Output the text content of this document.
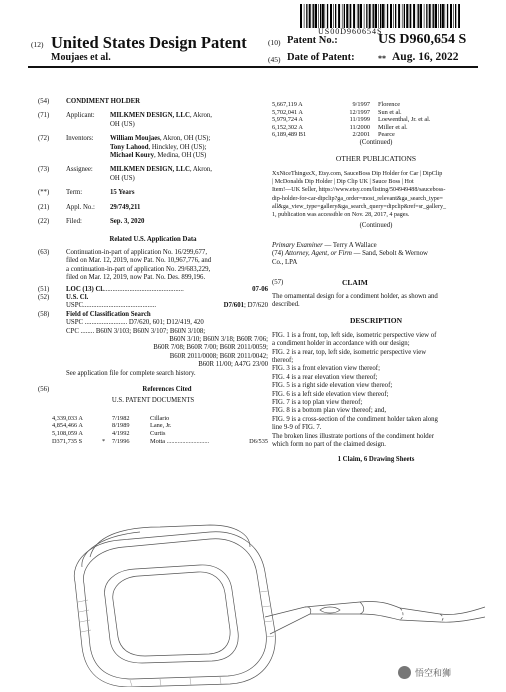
US00D960654S
(12) United States Design Patent
Moujaes et al.
(10) Patent No.:	US D960,654 S
(45) Date of Patent:	** Aug. 16, 2022
(54)	CONDIMENT HOLDER
(71)	Applicant:	MILKMEN DESIGN, LLC, Akron,
OH (US)
(72)	Inventors:	William Moujaes, Akron, OH (US);
Tony Lahood, Hinckley, OH (US);
Michael Koury, Medina, OH (US)
(73)	Assignee:	MILKMEN DESIGN, LLC, Akron,
OH (US)
(**)	Term:	15 Years
(21)	Appl. No.:	29/749,211
(22)	Filed:	Sep. 3, 2020
Related U.S. Application Data
(63)	Continuation-in-part of application No. 16/299,677,
filed on Mar. 12, 2019, now Pat. No. 10,967,776, and
a continuation-in-part of application No. 29/683,229,
filed on Mar. 12, 2019, now Pat. No. Des. 899,196.
(51)	LOC (13) Cl. ...............................................	07-06
(52)	U.S. Cl.
USPC ...........................................	D7/601; D7/620
(58)	Field of Classification Search
USPC ......................... D7/620, 601; D12/419, 420
CPC ........ B60N 3/103; B60N 3/107; B60N 3/108;
B60N 3/10; B60N 3/18; B60R 7/06;
B60R 7/08; B60R 7/00; B60R 2011/0059;
B60R 2011/0008; B60R 2011/0042;
B60R 11/00; A47G 23/00
See application file for complete search history.
(56)	References Cited
U.S. PATENT DOCUMENTS
4,339,033 A	7/1982	Cillario
4,854,466 A	8/1989	Lane, Jr.
5,108,059 A	4/1992	Curtis
D371,735 S	*	7/1996	Motta ...........................	D6/535
5,667,119 A	9/1997	Florence
5,702,041 A	12/1997	Sun et al.
5,979,724 A	11/1999	Loewenthal, Jr. et al.
6,152,302 A	11/2000	Miller et al.
6,189,489 B1	2/2001	Pearce
(Continued)
OTHER PUBLICATIONS
XxNiceThingsxX, Etsy.com, SauceBoss Dip Holder for Car | DipClip
| McDonalds Dip Holder | Dip Clip UK | Sauce Boss | Hot
Item!—UK Seller, https://www.etsy.com/listing/504949488/sauceboss-
dip-holder-for-car-dipclip?ga_order=most_relevant&ga_search_type=
all&ga_view_type=gallery&ga_search_query=dipclip&ref=sr_gallery_
1, publication was accessible on Nov. 28, 2017, 4 pages.
(Continued)
Primary Examiner — Terry A Wallace
(74) Attorney, Agent, or Firm — Sand, Sebolt & Wernow
Co., LPA
(57)	CLAIM
The ornamental design for a condiment holder, as shown and
described.
DESCRIPTION
FIG. 1 is a front, top, left side, isometric perspective view of
a condiment holder in accordance with our design;
FIG. 2 is a rear, top, left side, isometric perspective view
thereof;
FIG. 3 is a front elevation view thereof;
FIG. 4 is a rear elevation view thereof;
FIG. 5 is a right side elevation view thereof;
FIG. 6 is a left side elevation view thereof;
FIG. 7 is a top plan view thereof;
FIG. 8 is a bottom plan view thereof; and,
FIG. 9 is a cross-section of the condiment holder taken along
line 9-9 of FIG. 7.
The broken lines illustrate portions of the condiment holder
which form no part of the claimed design.
1 Claim, 6 Drawing Sheets
悟空和狮
